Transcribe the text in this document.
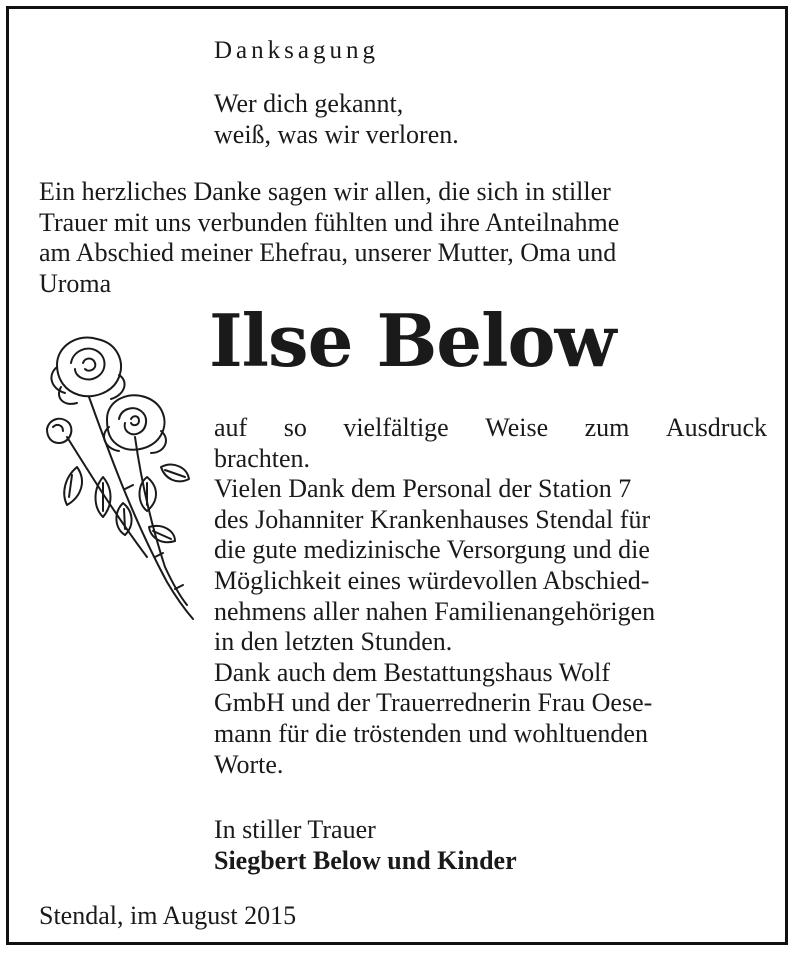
Danksagung
Wer dich gekannt,
weiß, was wir verloren.
Ein herzliches Danke sagen wir allen, die sich in stiller
Trauer mit uns verbunden fühlten und ihre Anteilnahme
am Abschied meiner Ehefrau, unserer Mutter, Oma und
Uroma
Ilse Below
auf so vielfältige Weise zum Ausdruck
brachten.
Vielen Dank dem Personal der Station 7
des Johanniter Krankenhauses Stendal für
die gute medizinische Versorgung und die
Möglichkeit eines würdevollen Abschied-
nehmens aller nahen Familienangehörigen
in den letzten Stunden.
Dank auch dem Bestattungshaus Wolf
GmbH und der Trauerrednerin Frau Oese-
mann für die tröstenden und wohltuenden
Worte.
In stiller Trauer
Siegbert Below und Kinder
Stendal, im August 2015
